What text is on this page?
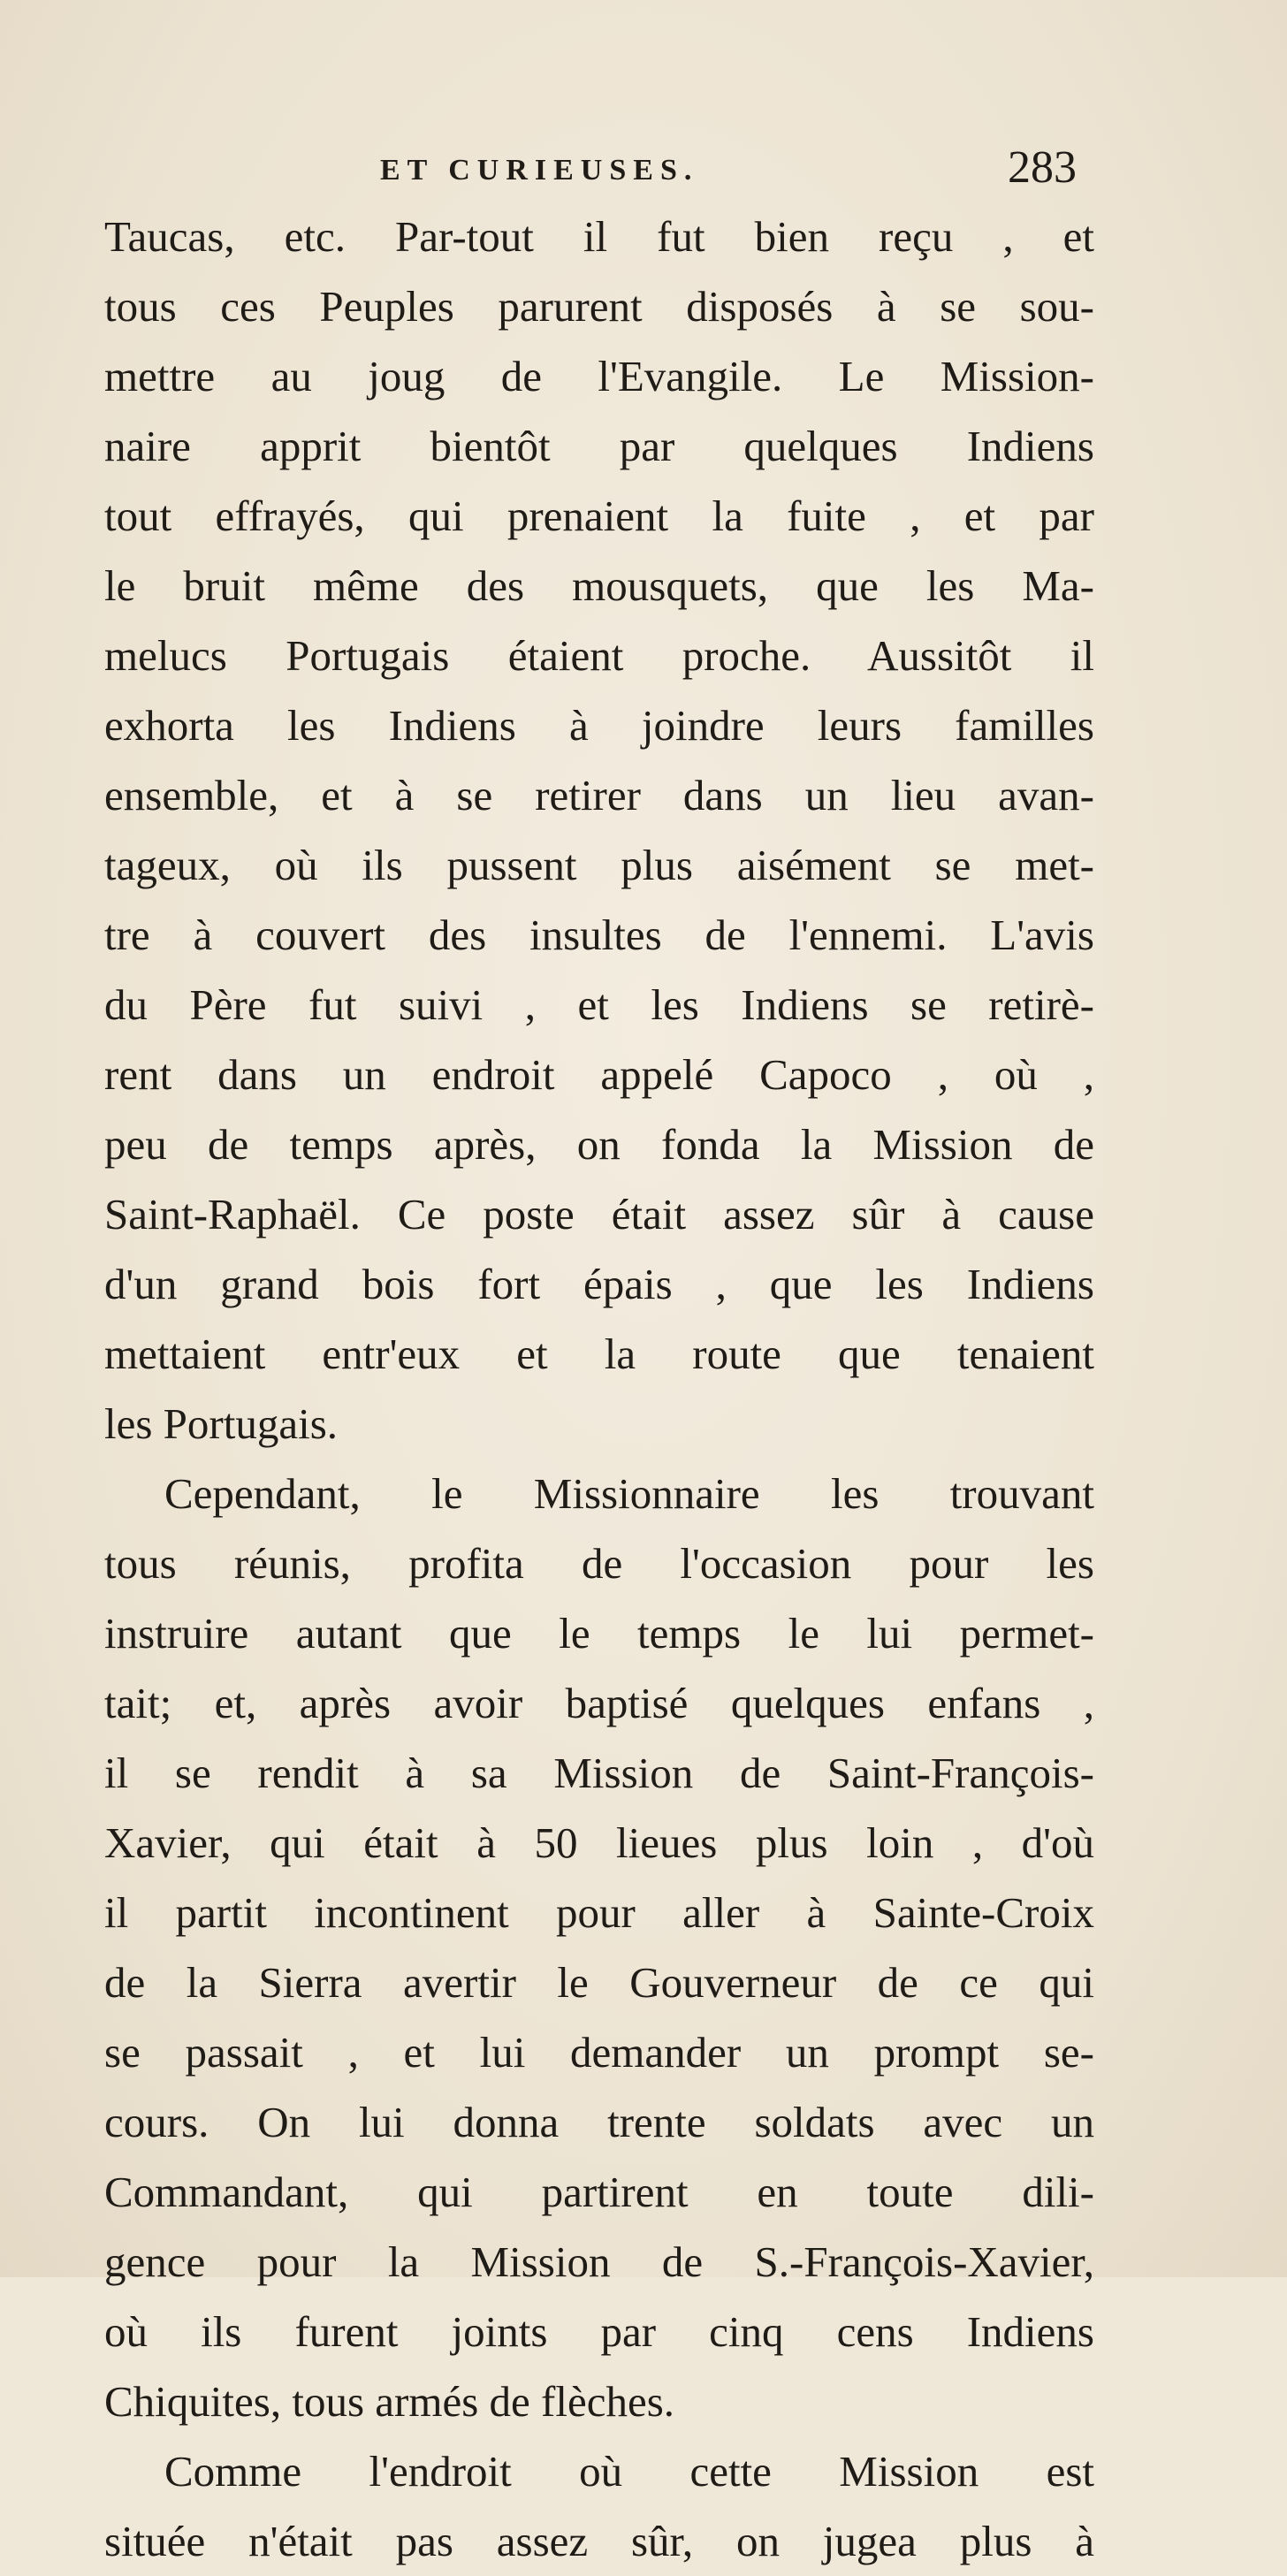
ET CURIEUSES.	283
Taucas, etc. Par-tout il fut bien reçu , et
tous ces Peuples parurent disposés à se sou-
mettre au joug de l'Evangile. Le Mission-
naire apprit bientôt par quelques Indiens
tout effrayés, qui prenaient la fuite , et par
le bruit même des mousquets, que les Ma-
melucs Portugais étaient proche. Aussitôt il
exhorta les Indiens à joindre leurs familles
ensemble, et à se retirer dans un lieu avan-
tageux, où ils pussent plus aisément se met-
tre à couvert des insultes de l'ennemi. L'avis
du Père fut suivi , et les Indiens se retirè-
rent dans un endroit appelé Capoco , où ,
peu de temps après, on fonda la Mission de
Saint-Raphaël. Ce poste était assez sûr à cause
d'un grand bois fort épais , que les Indiens
mettaient entr'eux et la route que tenaient
les Portugais.
Cependant, le Missionnaire les trouvant
tous réunis, profita de l'occasion pour les
instruire autant que le temps le lui permet-
tait; et, après avoir baptisé quelques enfans ,
il se rendit à sa Mission de Saint-François-
Xavier, qui était à 50 lieues plus loin , d'où
il partit incontinent pour aller à Sainte-Croix
de la Sierra avertir le Gouverneur de ce qui
se passait , et lui demander un prompt se-
cours. On lui donna trente soldats avec un
Commandant, qui partirent en toute dili-
gence pour la Mission de S.-François-Xavier,
où ils furent joints par cinq cens Indiens
Chiquites, tous armés de flèches.
Comme l'endroit où cette Mission est
située n'était pas assez sûr, on jugea plus à
